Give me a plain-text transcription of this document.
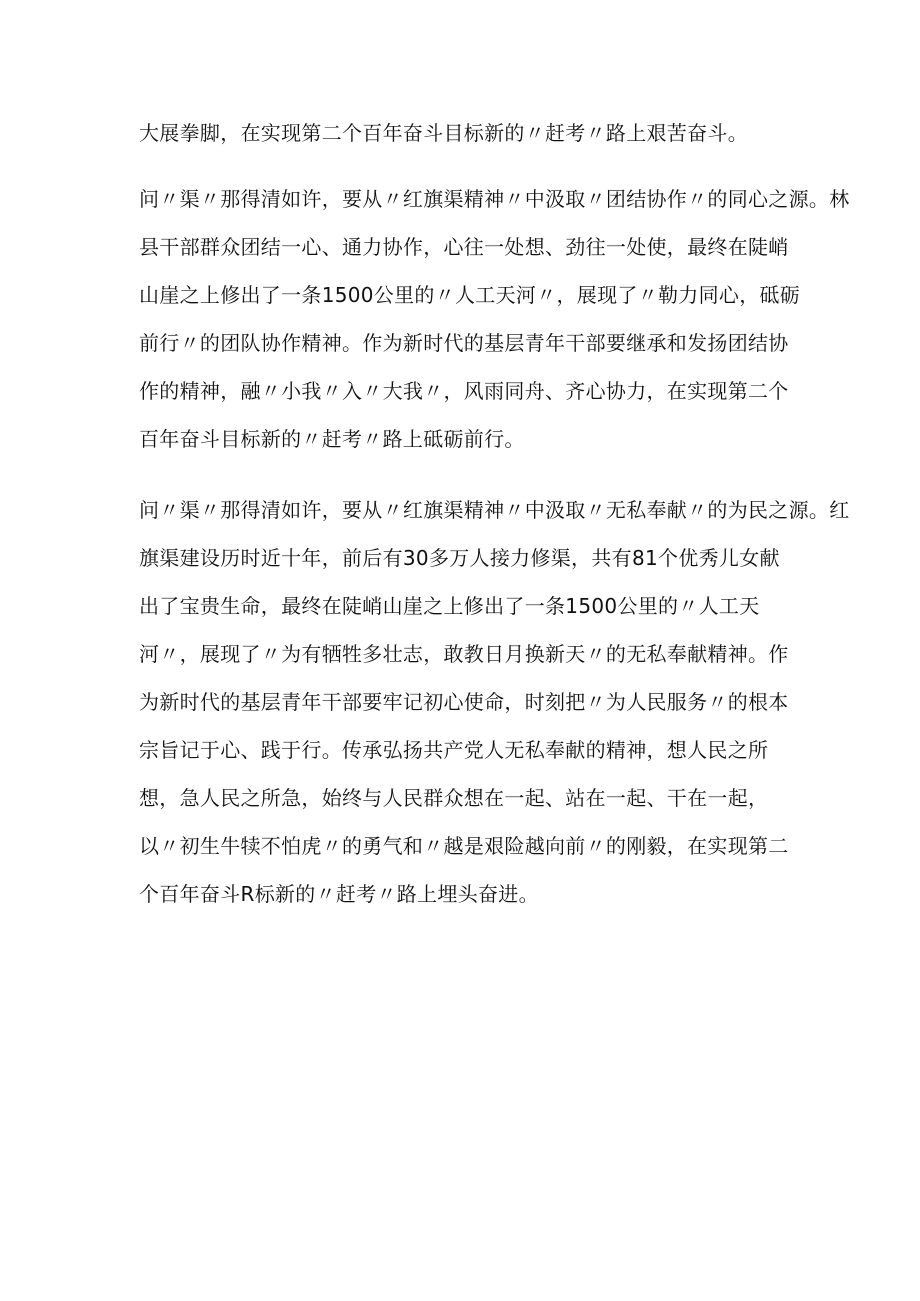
大展拳脚，在实现第二个百年奋斗目标新的〃赶考〃路上艰苦奋斗。
问〃渠〃那得清如许，要从〃红旗渠精神〃中汲取〃团结协作〃的同心之源。林
县干部群众团结一心、通力协作，心往一处想、劲往一处使，最终在陡峭
山崖之上修出了一条1500公里的〃人工天河〃，展现了〃勒力同心，砥砺
前行〃的团队协作精神。作为新时代的基层青年干部要继承和发扬团结协
作的精神，融〃小我〃入〃大我〃，风雨同舟、齐心协力，在实现第二个
百年奋斗目标新的〃赶考〃路上砥砺前行。
问〃渠〃那得清如许，要从〃红旗渠精神〃中汲取〃无私奉献〃的为民之源。红
旗渠建设历时近十年，前后有30多万人接力修渠，共有81个优秀儿女献
出了宝贵生命，最终在陡峭山崖之上修出了一条1500公里的〃人工天
河〃，展现了〃为有牺牲多壮志，敢教日月换新天〃的无私奉献精神。作
为新时代的基层青年干部要牢记初心使命，时刻把〃为人民服务〃的根本
宗旨记于心、践于行。传承弘扬共产党人无私奉献的精神，想人民之所
想，急人民之所急，始终与人民群众想在一起、站在一起、干在一起，
以〃初生牛犊不怕虎〃的勇气和〃越是艰险越向前〃的刚毅，在实现第二
个百年奋斗R标新的〃赶考〃路上埋头奋进。
